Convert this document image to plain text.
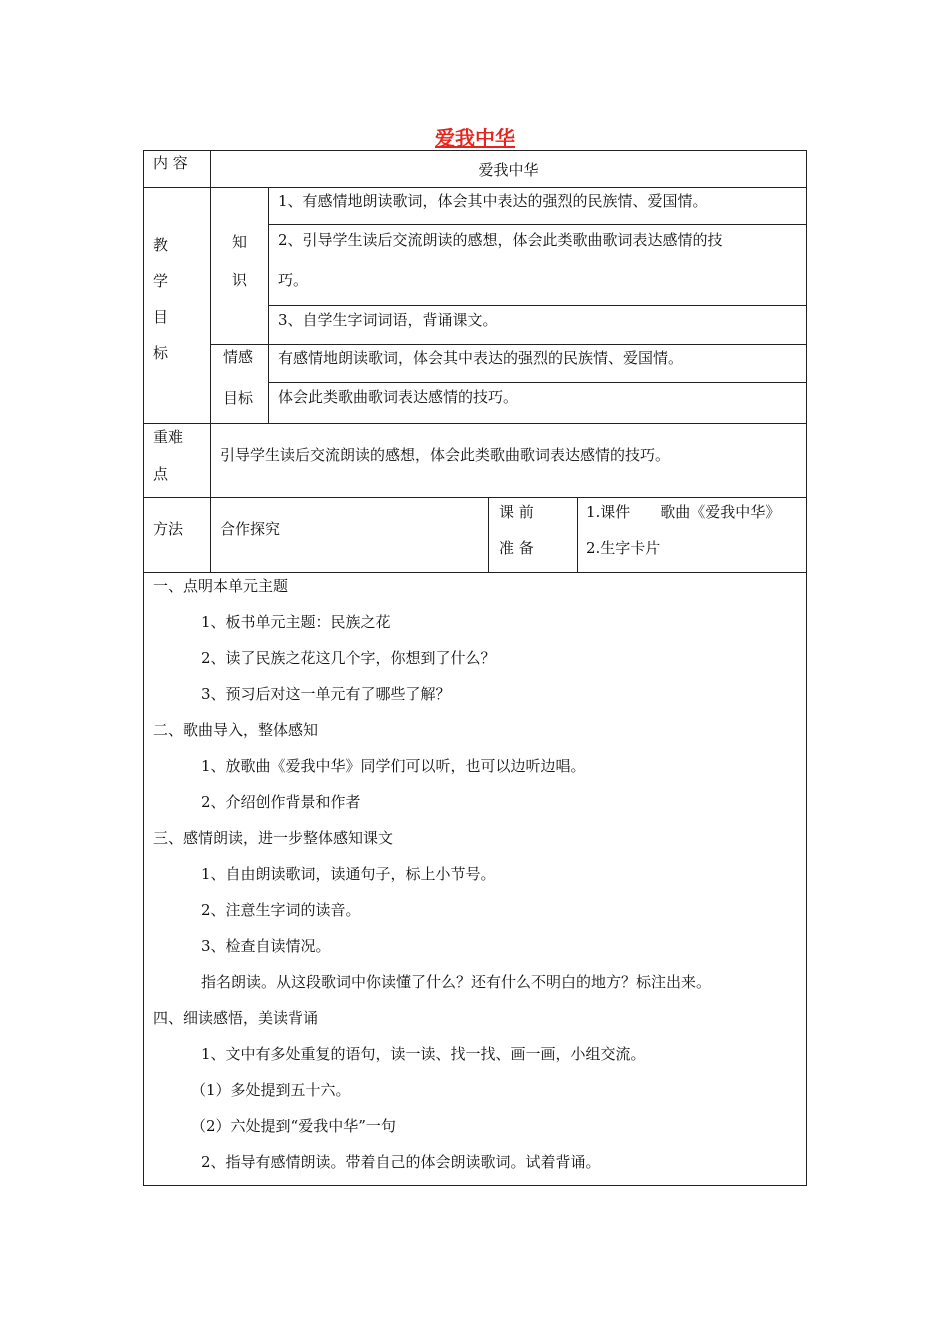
爱我中华
内 容	爱我中华
教
学
目
标
知
识
1、有感情地朗读歌词，体会其中表达的强烈的民族情、爱国情。
2、引导学生读后交流朗读的感想，体会此类歌曲歌词表达感情的技
巧。
3、自学生字词词语，背诵课文。
情感
目标
有感情地朗读歌词，体会其中表达的强烈的民族情、爱国情。
体会此类歌曲歌词表达感情的技巧。
重难
点
引导学生读后交流朗读的感想，体会此类歌曲歌词表达感情的技巧。
方法 合作探究
课 前
准 备
1.课件　　歌曲《爱我中华》
2.生字卡片
一、点明本单元主题
1、板书单元主题：民族之花
2、读了民族之花这几个字，你想到了什么？
3、预习后对这一单元有了哪些了解？
二、歌曲导入，整体感知
1、放歌曲《爱我中华》同学们可以听，也可以边听边唱。
2、介绍创作背景和作者
三、感情朗读，进一步整体感知课文
1、自由朗读歌词，读通句子，标上小节号。
2、注意生字词的读音。
3、检查自读情况。
指名朗读。从这段歌词中你读懂了什么？还有什么不明白的地方？标注出来。
四、细读感悟，美读背诵
1、文中有多处重复的语句，读一读、找一找、画一画，小组交流。
（1）多处提到五十六。
（2）六处提到“爱我中华”一句
2、指导有感情朗读。带着自己的体会朗读歌词。试着背诵。
